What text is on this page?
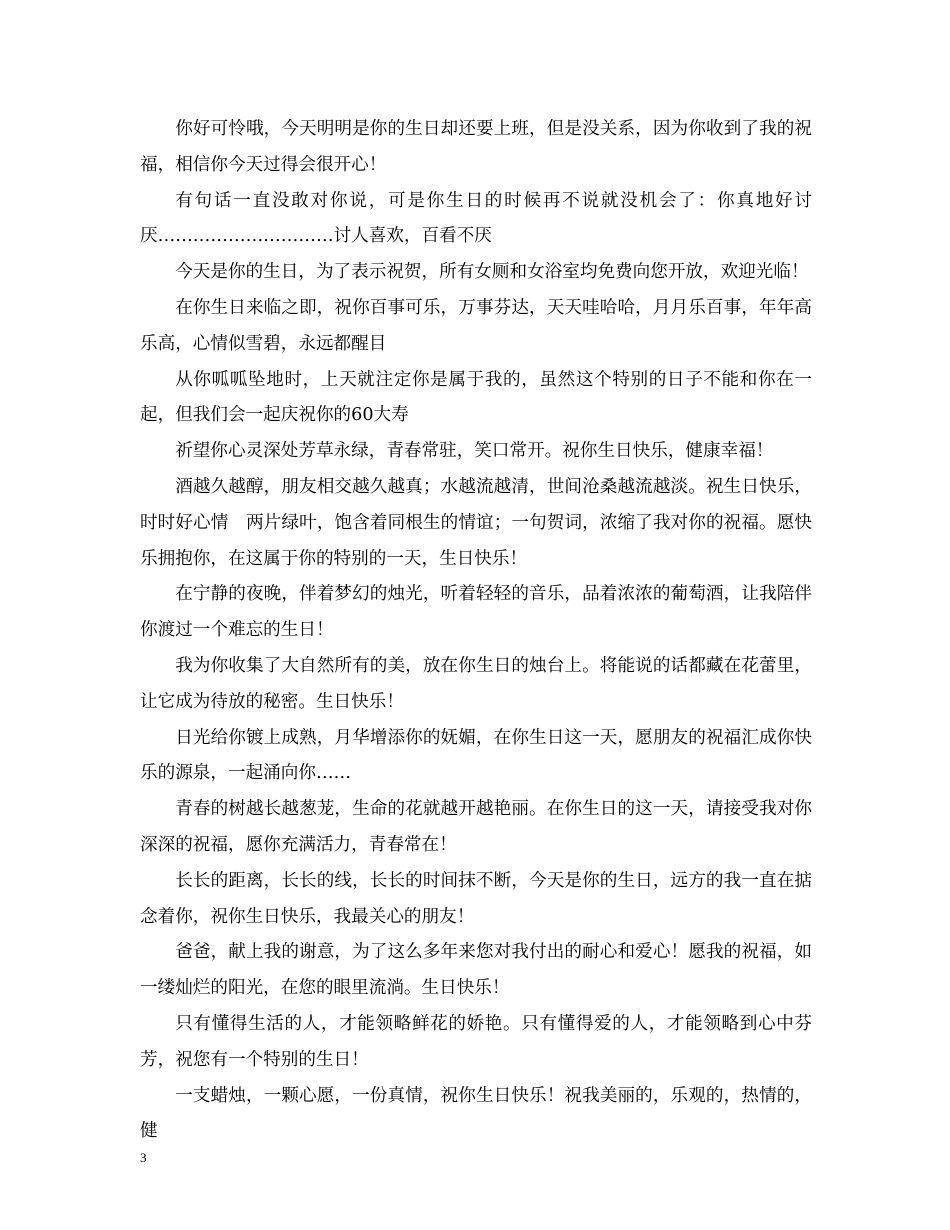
你好可怜哦，今天明明是你的生日却还要上班，但是没关系，因为你收到了我的祝福，相信你今天过得会很开心！

有句话一直没敢对你说，可是你生日的时候再不说就没机会了：你真地好讨厌…………………………讨人喜欢，百看不厌

今天是你的生日，为了表示祝贺，所有女厕和女浴室均免费向您开放，欢迎光临！

在你生日来临之即，祝你百事可乐，万事芬达，天天哇哈哈，月月乐百事，年年高乐高，心情似雪碧，永远都醒目

从你呱呱坠地时，上天就注定你是属于我的，虽然这个特别的日子不能和你在一起，但我们会一起庆祝你的60大寿

祈望你心灵深处芳草永绿，青春常驻，笑口常开。祝你生日快乐，健康幸福！

酒越久越醇，朋友相交越久越真；水越流越清，世间沧桑越流越淡。祝生日快乐，时时好心情　两片绿叶，饱含着同根生的情谊；一句贺词，浓缩了我对你的祝福。愿快乐拥抱你，在这属于你的特别的一天，生日快乐！

在宁静的夜晚，伴着梦幻的烛光，听着轻轻的音乐，品着浓浓的葡萄酒，让我陪伴你渡过一个难忘的生日！

我为你收集了大自然所有的美，放在你生日的烛台上。将能说的话都藏在花蕾里，让它成为待放的秘密。生日快乐！

日光给你镀上成熟，月华增添你的妩媚，在你生日这一天，愿朋友的祝福汇成你快乐的源泉，一起涌向你……

青春的树越长越葱茏，生命的花就越开越艳丽。在你生日的这一天，请接受我对你深深的祝福，愿你充满活力，青春常在！

长长的距离，长长的线，长长的时间抹不断，今天是你的生日，远方的我一直在掂念着你，祝你生日快乐，我最关心的朋友！

爸爸，献上我的谢意，为了这么多年来您对我付出的耐心和爱心！愿我的祝福，如一缕灿烂的阳光，在您的眼里流淌。生日快乐！

只有懂得生活的人，才能领略鲜花的娇艳。只有懂得爱的人，才能领略到心中芬芳，祝您有一个特别的生日！

一支蜡烛，一颗心愿，一份真情，祝你生日快乐！祝我美丽的，乐观的，热情的，健

3
